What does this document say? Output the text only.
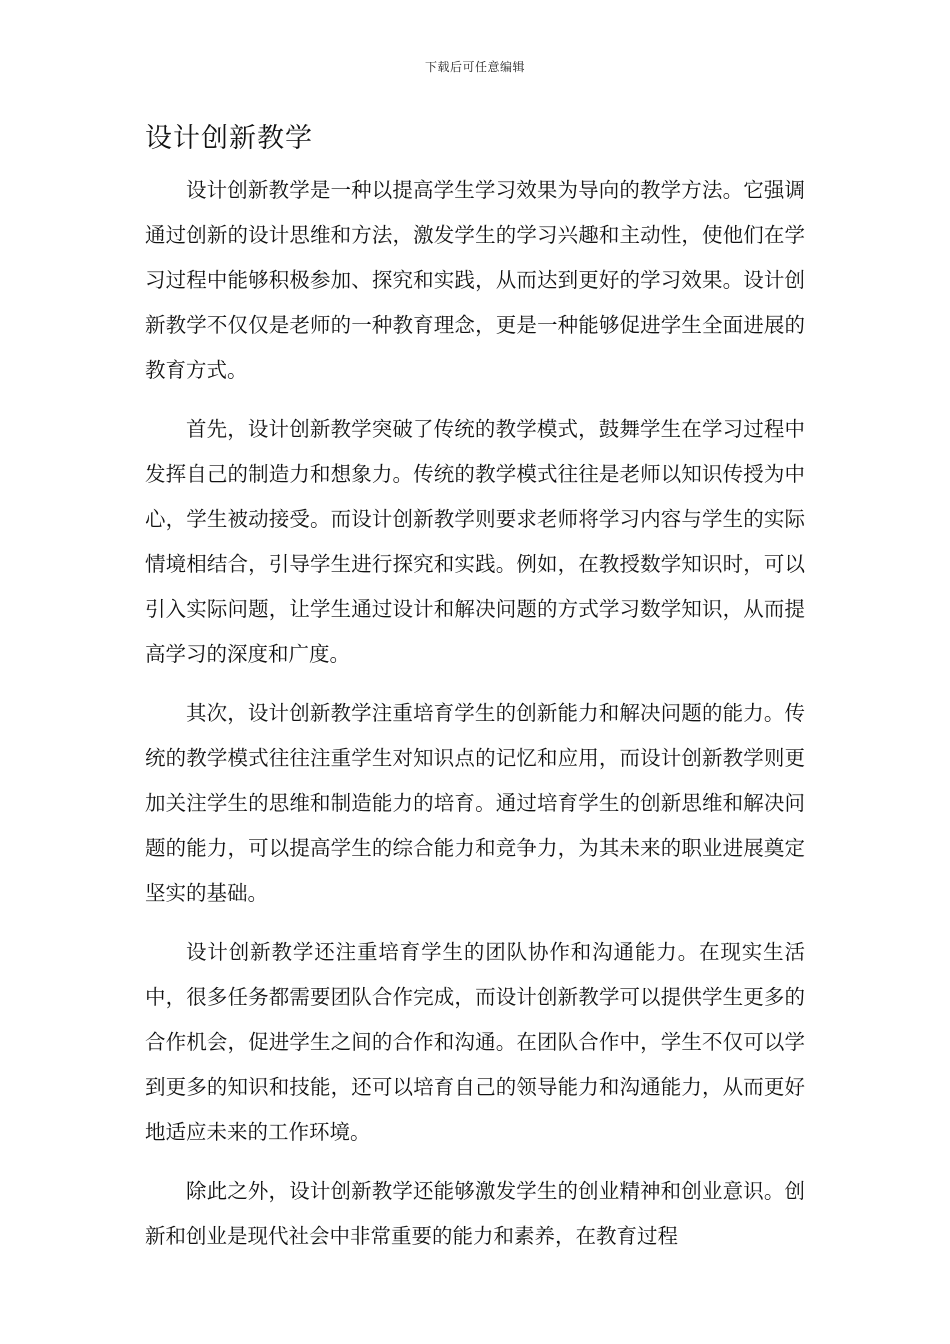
下载后可任意编辑
设计创新教学

设计创新教学是一种以提高学生学习效果为导向的教学方法。它强调通过创新的设计思维和方法，激发学生的学习兴趣和主动性，使他们在学习过程中能够积极参加、探究和实践，从而达到更好的学习效果。设计创新教学不仅仅是老师的一种教育理念，更是一种能够促进学生全面进展的教育方式。

首先，设计创新教学突破了传统的教学模式，鼓舞学生在学习过程中发挥自己的制造力和想象力。传统的教学模式往往是老师以知识传授为中心，学生被动接受。而设计创新教学则要求老师将学习内容与学生的实际情境相结合，引导学生进行探究和实践。例如，在教授数学知识时，可以引入实际问题，让学生通过设计和解决问题的方式学习数学知识，从而提高学习的深度和广度。

其次，设计创新教学注重培育学生的创新能力和解决问题的能力。传统的教学模式往往注重学生对知识点的记忆和应用，而设计创新教学则更加关注学生的思维和制造能力的培育。通过培育学生的创新思维和解决问题的能力，可以提高学生的综合能力和竞争力，为其未来的职业进展奠定坚实的基础。

设计创新教学还注重培育学生的团队协作和沟通能力。在现实生活中，很多任务都需要团队合作完成，而设计创新教学可以提供学生更多的合作机会，促进学生之间的合作和沟通。在团队合作中，学生不仅可以学到更多的知识和技能，还可以培育自己的领导能力和沟通能力，从而更好地适应未来的工作环境。

除此之外，设计创新教学还能够激发学生的创业精神和创业意识。创新和创业是现代社会中非常重要的能力和素养，在教育过程
